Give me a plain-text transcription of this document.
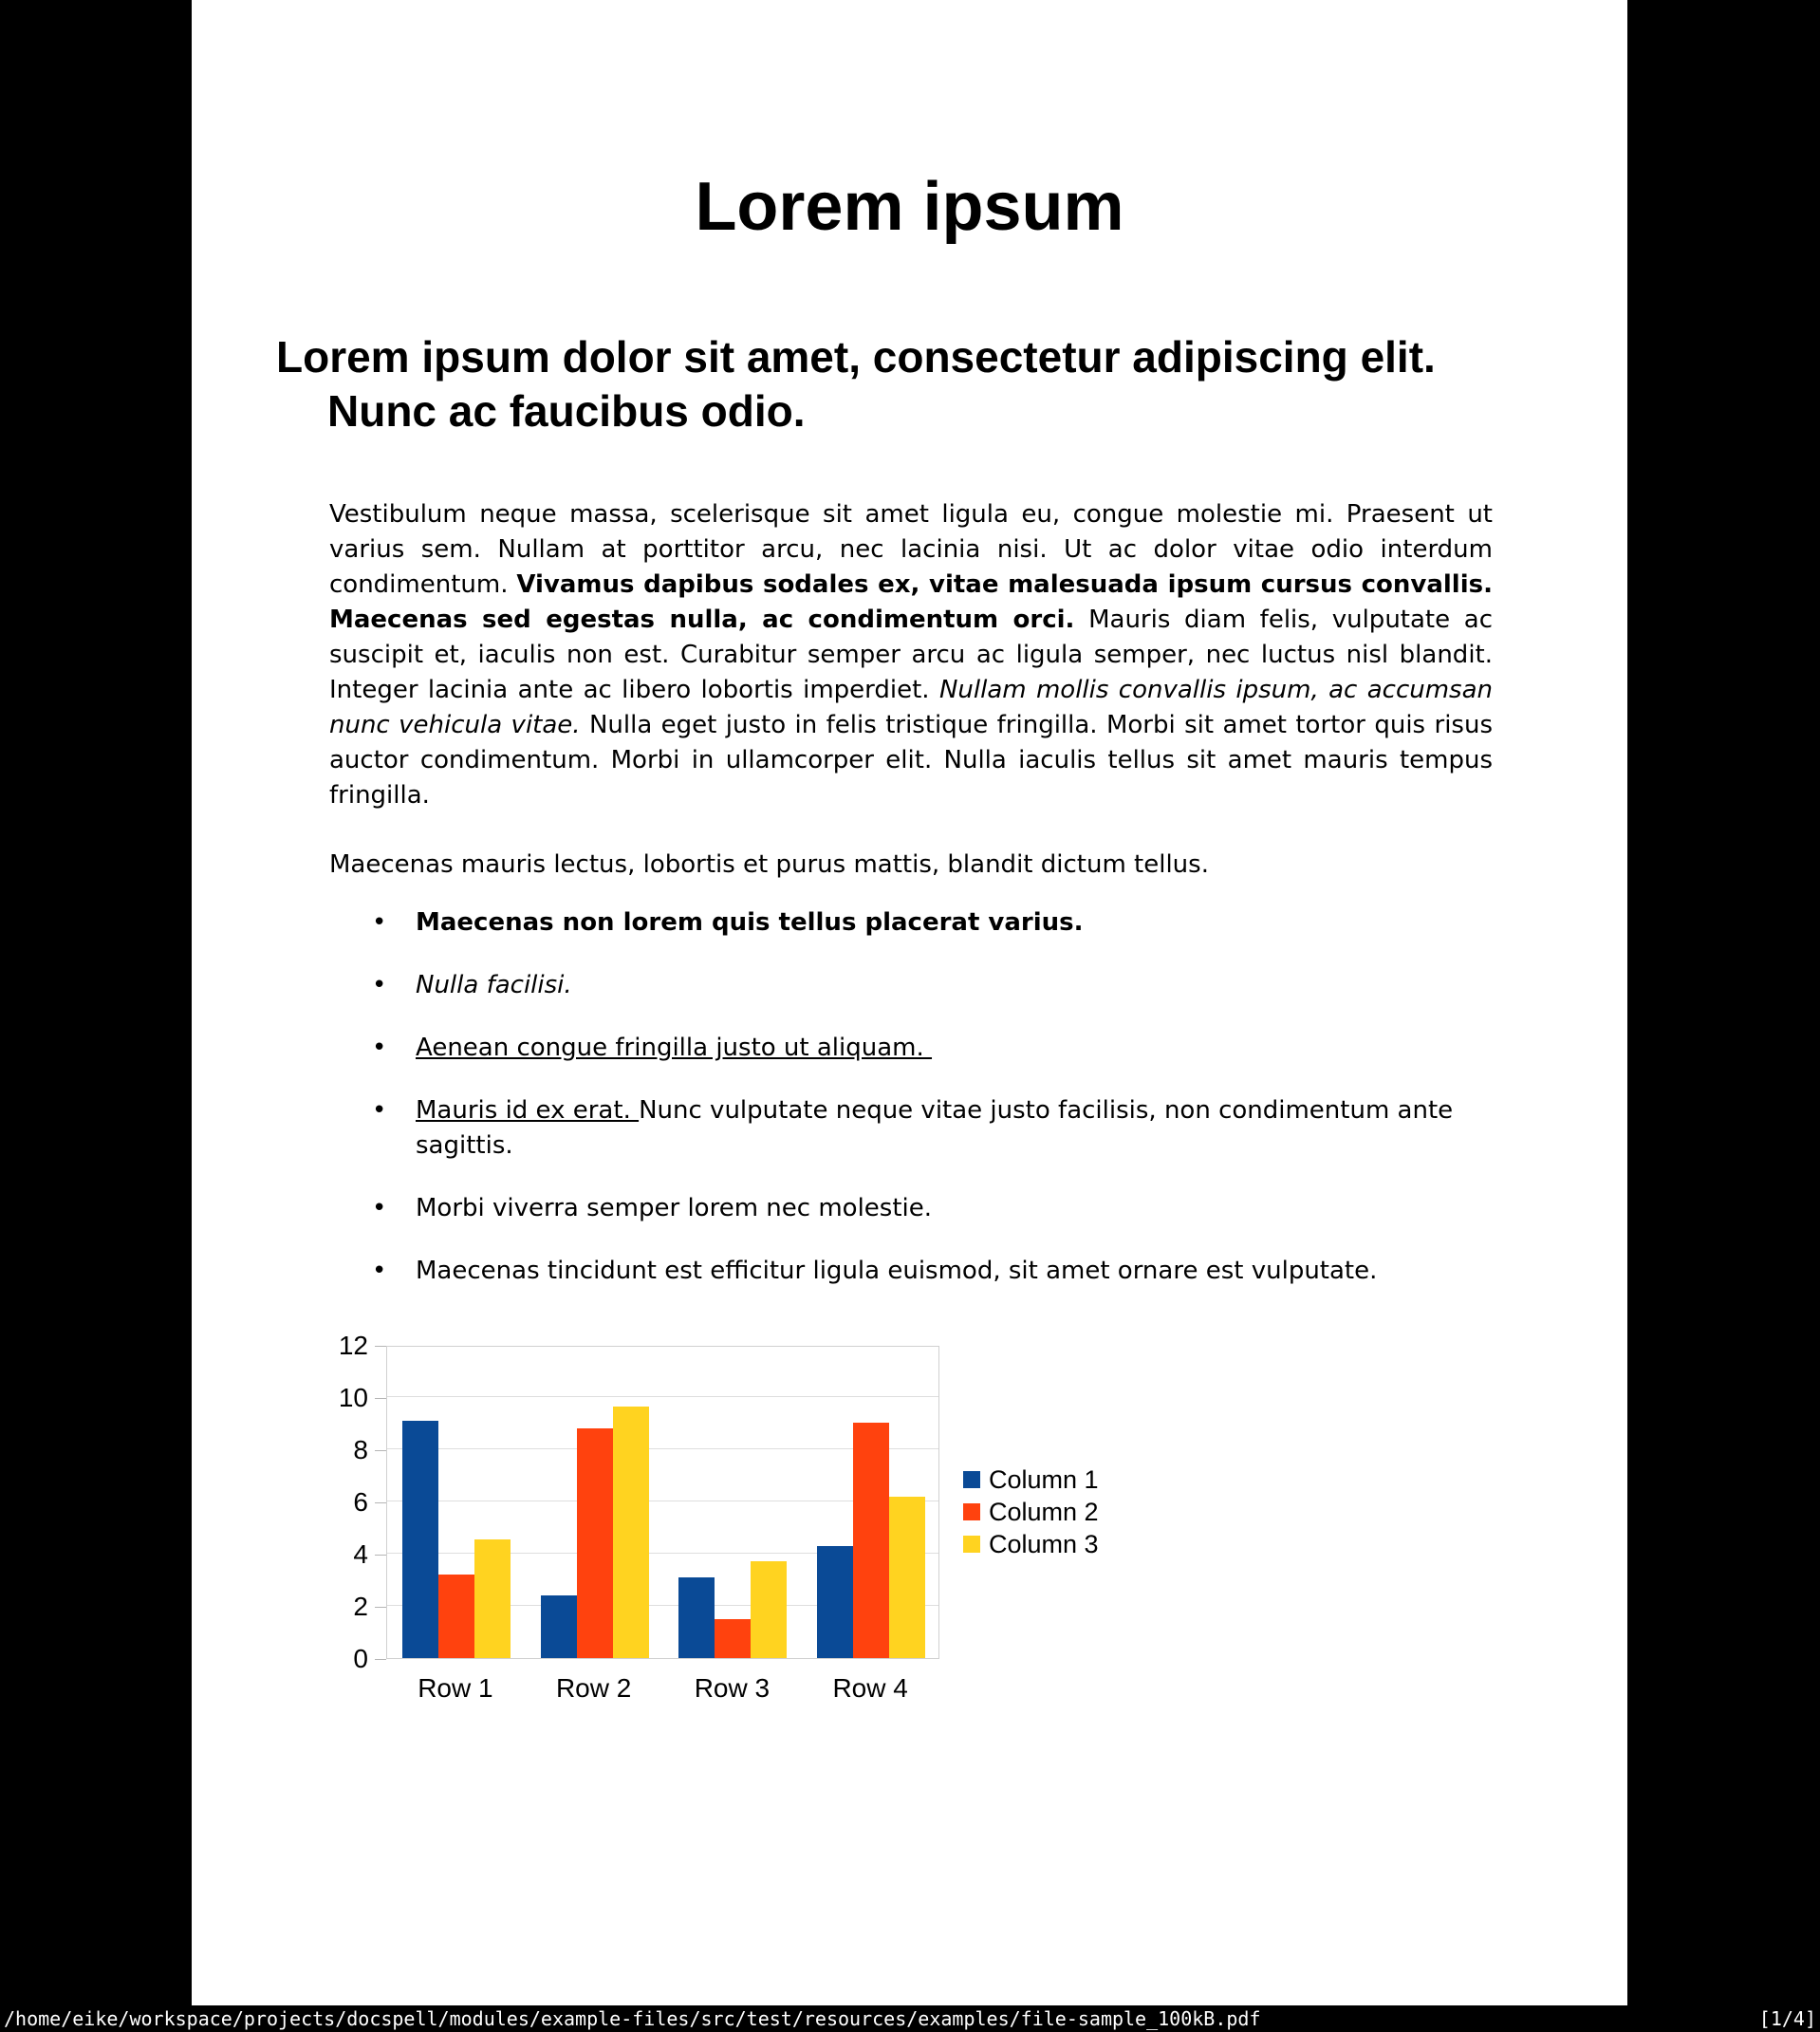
Lorem ipsum
Lorem ipsum dolor sit amet, consectetur adipiscing elit. Nunc ac faucibus odio.

Vestibulum neque massa, scelerisque sit amet ligula eu, congue molestie mi. Praesent ut varius sem. Nullam at porttitor arcu, nec lacinia nisi. Ut ac dolor vitae odio interdum condimentum. Vivamus dapibus sodales ex, vitae malesuada ipsum cursus convallis. Maecenas sed egestas nulla, ac condimentum orci. Mauris diam felis, vulputate ac suscipit et, iaculis non est. Curabitur semper arcu ac ligula semper, nec luctus nisl blandit. Integer lacinia ante ac libero lobortis imperdiet. Nullam mollis convallis ipsum, ac accumsan nunc vehicula vitae. Nulla eget justo in felis tristique fringilla. Morbi sit amet tortor quis risus auctor condimentum. Morbi in ullamcorper elit. Nulla iaculis tellus sit amet mauris tempus fringilla.

Maecenas mauris lectus, lobortis et purus mattis, blandit dictum tellus.

•	Maecenas non lorem quis tellus placerat varius.
•	Nulla facilisi.
•	Aenean congue fringilla justo ut aliquam.
•	Mauris id ex erat. Nunc vulputate neque vitae justo facilisis, non condimentum ante sagittis.
•	Morbi viverra semper lorem nec molestie.
•	Maecenas tincidunt est efficitur ligula euismod, sit amet ornare est vulputate.
0
2
4
6
8
10
12
Row 1 Row 2 Row 3 Row 4
Column 1
Column 2
Column 3
/home/eike/workspace/projects/docspell/modules/example-files/src/test/resources/examples/file-sample_100kB.pdf	[1/4]
